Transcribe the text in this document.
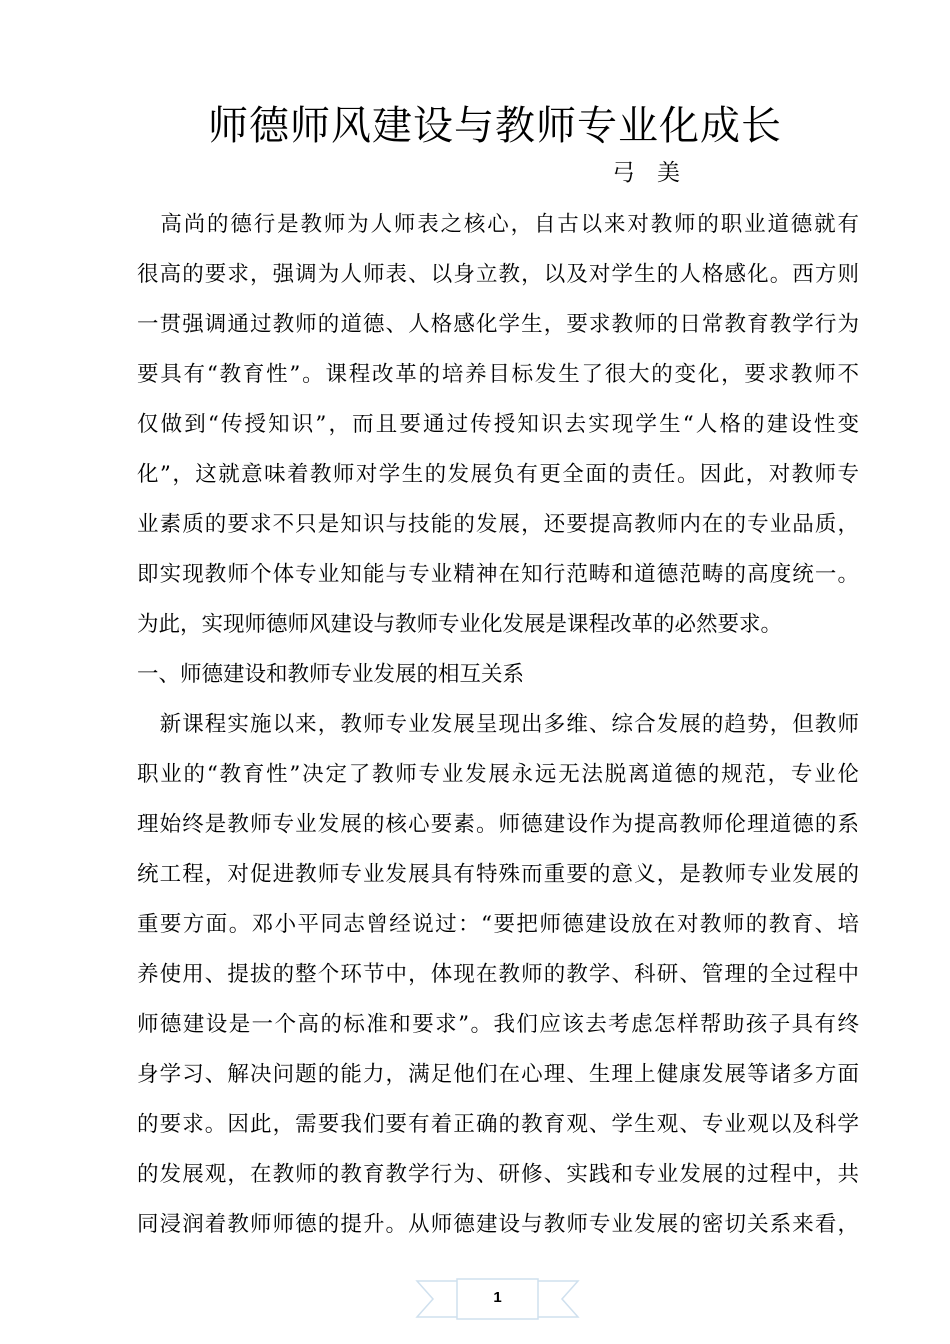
师德师风建设与教师专业化成长
弓美
　高尚的德行是教师为人师表之核心，自古以来对教师的职业道德就有
很高的要求，强调为人师表、以身立教，以及对学生的人格感化。西方则
一贯强调通过教师的道德、人格感化学生，要求教师的日常教育教学行为
要具有“教育性”。课程改革的培养目标发生了很大的变化，要求教师不
仅做到“传授知识”，而且要通过传授知识去实现学生“人格的建设性变
化”，这就意味着教师对学生的发展负有更全面的责任。因此，对教师专
业素质的要求不只是知识与技能的发展，还要提高教师内在的专业品质，
即实现教师个体专业知能与专业精神在知行范畴和道德范畴的高度统一。
为此，实现师德师风建设与教师专业化发展是课程改革的必然要求。
一、师德建设和教师专业发展的相互关系
　新课程实施以来，教师专业发展呈现出多维、综合发展的趋势，但教师
职业的“教育性”决定了教师专业发展永远无法脱离道德的规范，专业伦
理始终是教师专业发展的核心要素。师德建设作为提高教师伦理道德的系
统工程，对促进教师专业发展具有特殊而重要的意义，是教师专业发展的
重要方面。邓小平同志曾经说过：“要把师德建设放在对教师的教育、培
养使用、提拔的整个环节中，体现在教师的教学、科研、管理的全过程中
师德建设是一个高的标准和要求”。我们应该去考虑怎样帮助孩子具有终
身学习、解决问题的能力，满足他们在心理、生理上健康发展等诸多方面
的要求。因此，需要我们要有着正确的教育观、学生观、专业观以及科学
的发展观，在教师的教育教学行为、研修、实践和专业发展的过程中，共
同浸润着教师师德的提升。从师德建设与教师专业发展的密切关系来看，
1
